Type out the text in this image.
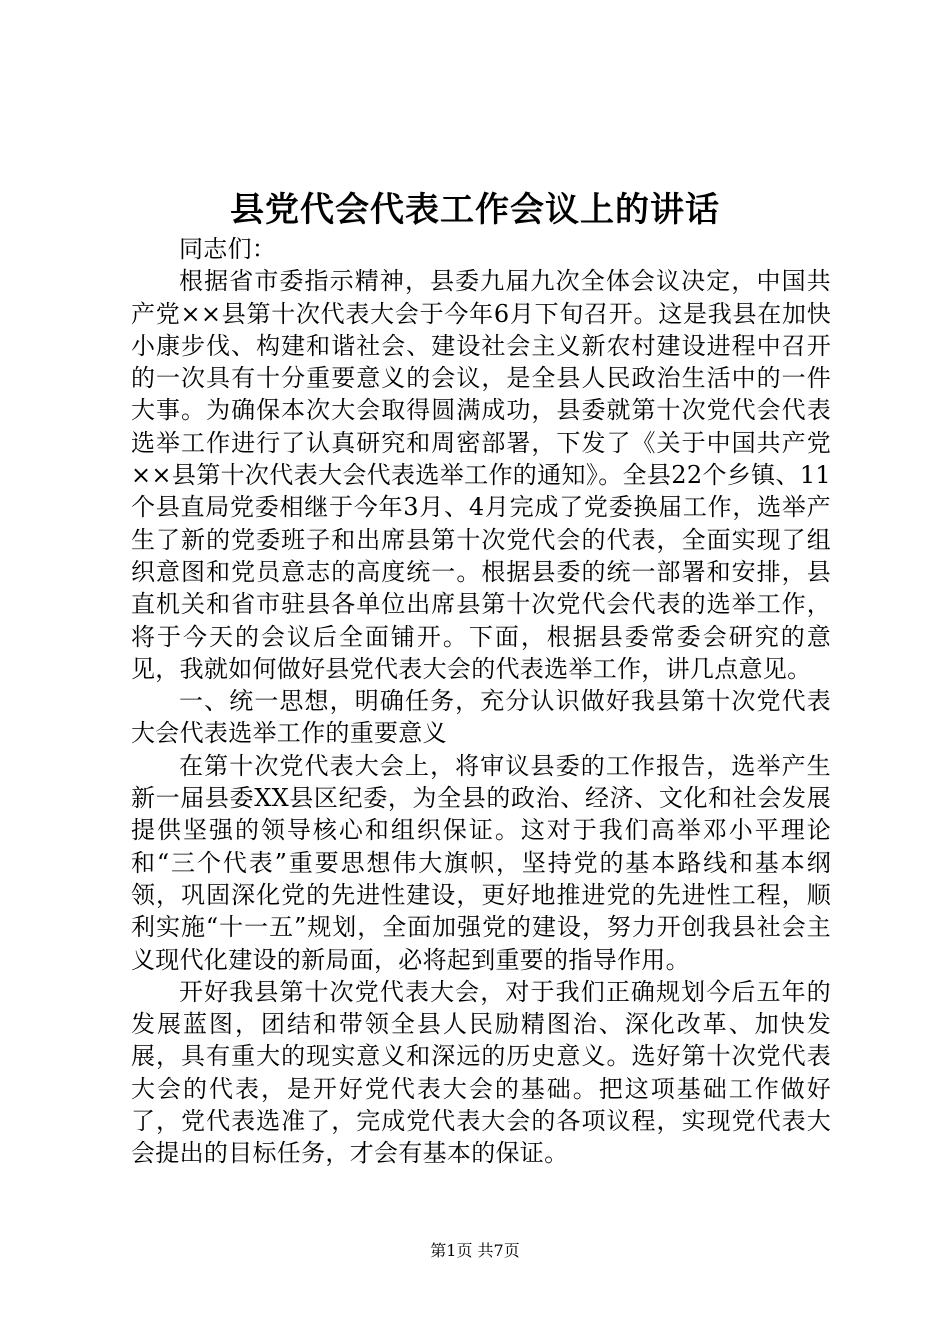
县党代会代表工作会议上的讲话

同志们：

根据省市委指示精神，县委九届九次全体会议决定，中国共产党××县第十次代表大会于今年6月下旬召开。这是我县在加快小康步伐、构建和谐社会、建设社会主义新农村建设进程中召开的一次具有十分重要意义的会议，是全县人民政治生活中的一件大事。为确保本次大会取得圆满成功，县委就第十次党代会代表选举工作进行了认真研究和周密部署，下发了《关于中国共产党××县第十次代表大会代表选举工作的通知》。全县22个乡镇、11个县直局党委相继于今年3月、4月完成了党委换届工作，选举产生了新的党委班子和出席县第十次党代会的代表，全面实现了组织意图和党员意志的高度统一。根据县委的统一部署和安排，县直机关和省市驻县各单位出席县第十次党代会代表的选举工作，将于今天的会议后全面铺开。下面，根据县委常委会研究的意见，我就如何做好县党代表大会的代表选举工作，讲几点意见。

一、统一思想，明确任务，充分认识做好我县第十次党代表大会代表选举工作的重要意义

在第十次党代表大会上，将审议县委的工作报告，选举产生新一届县委XX县区纪委，为全县的政治、经济、文化和社会发展提供坚强的领导核心和组织保证。这对于我们高举邓小平理论和“三个代表”重要思想伟大旗帜，坚持党的基本路线和基本纲领，巩固深化党的先进性建设，更好地推进党的先进性工程，顺利实施“十一五”规划，全面加强党的建设，努力开创我县社会主义现代化建设的新局面，必将起到重要的指导作用。

开好我县第十次党代表大会，对于我们正确规划今后五年的发展蓝图，团结和带领全县人民励精图治、深化改革、加快发展，具有重大的现实意义和深远的历史意义。选好第十次党代表大会的代表，是开好党代表大会的基础。把这项基础工作做好了，党代表选准了，完成党代表大会的各项议程，实现党代表大会提出的目标任务，才会有基本的保证。

第1页 共7页
